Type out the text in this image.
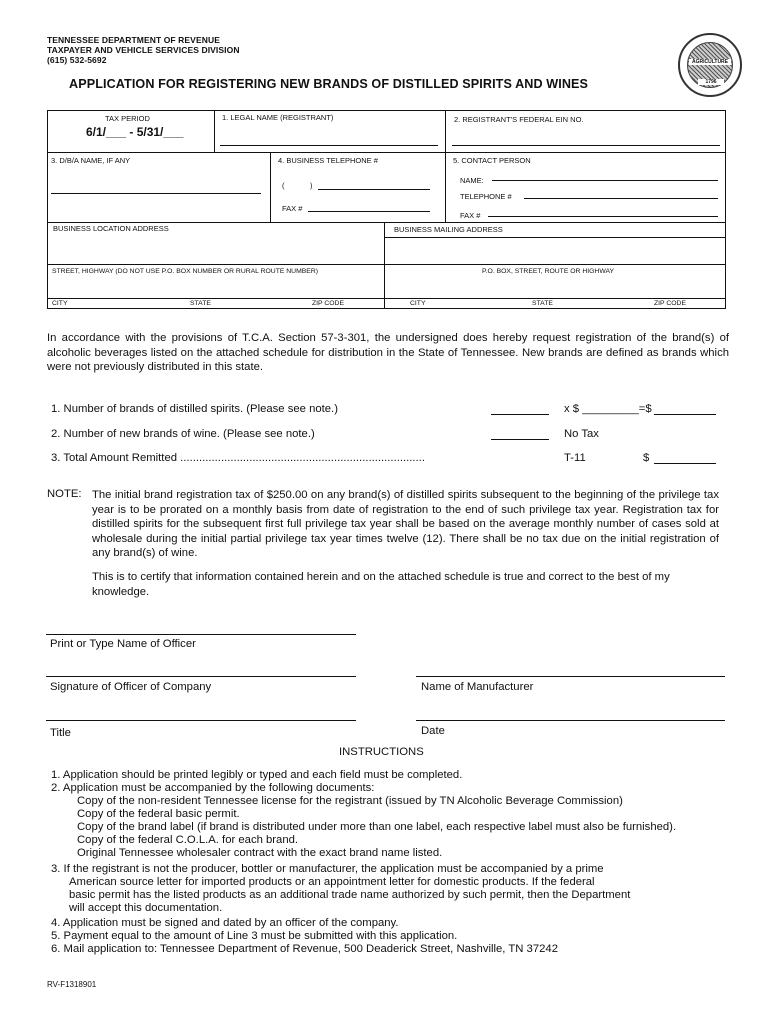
TENNESSEE DEPARTMENT OF REVENUE
TAXPAYER AND VEHICLE SERVICES DIVISION
(615) 532-5692	AGRICULTURE
1796
APPLICATION FOR REGISTERING NEW BRANDS OF DISTILLED SPIRITS AND WINES
TAX PERIOD
6/1/___ - 5/31/___
1. LEGAL NAME (REGISTRANT)	2. REGISTRANT'S FEDERAL EIN NO.
3. D/B/A NAME, IF ANY	4. BUSINESS TELEPHONE #
(	)
FAX #
5. CONTACT PERSON
NAME:
TELEPHONE #
FAX #
BUSINESS LOCATION ADDRESS	BUSINESS MAILING ADDRESS
STREET, HIGHWAY (DO NOT USE P.O. BOX NUMBER OR RURAL ROUTE NUMBER)	P.O. BOX, STREET, ROUTE OR HIGHWAY
CITY	STATE	ZIP CODE	CITY	STATE	ZIP CODE
In accordance with the provisions of T.C.A. Section 57-3-301, the undersigned does hereby request registration of the brand(s) of alcoholic beverages listed on the attached schedule for distribution in the State of Tennessee. New brands are defined as brands which were not previously distributed in this state.
1. Number of brands of distilled spirits. (Please see note.)	x $ _________=$
2. Number of new brands of wine. (Please see note.)	No Tax
3. Total Amount Remitted ..............................................................................	T-11	$
NOTE: The initial brand registration tax of $250.00 on any brand(s) of distilled spirits subsequent to the beginning of the privilege tax year is to be prorated on a monthly basis from date of registration to the end of such privilege tax year. Registration tax for distilled spirits for the subsequent first full privilege tax year shall be based on the average monthly number of cases sold at wholesale during the initial partial privilege tax year times twelve (12). There shall be no tax due on the initial registration of any brand(s) of wine.
This is to certify that information contained herein and on the attached schedule is true and correct to the best of my knowledge.
Print or Type Name of Officer
Signature of Officer of Company	Name of Manufacturer
Title	Date
INSTRUCTIONS
1. Application should be printed legibly or typed and each field must be completed.
2. Application must be accompanied by the following documents:
Copy of the non-resident Tennessee license for the registrant (issued by TN Alcoholic Beverage Commission)
Copy of the federal basic permit.
Copy of the brand label (if brand is distributed under more than one label, each respective label must also be furnished).
Copy of the federal C.O.L.A. for each brand.
Original Tennessee wholesaler contract with the exact brand name listed.
3. If the registrant is not the producer, bottler or manufacturer, the application must be accompanied by a prime
American source letter for imported products or an appointment letter for domestic products. If the federal
basic permit has the listed products as an additional trade name authorized by such permit, then the Department
will accept this documentation.
4. Application must be signed and dated by an officer of the company.
5. Payment equal to the amount of Line 3 must be submitted with this application.
6. Mail application to: Tennessee Department of Revenue, 500 Deaderick Street, Nashville, TN 37242
RV-F1318901
